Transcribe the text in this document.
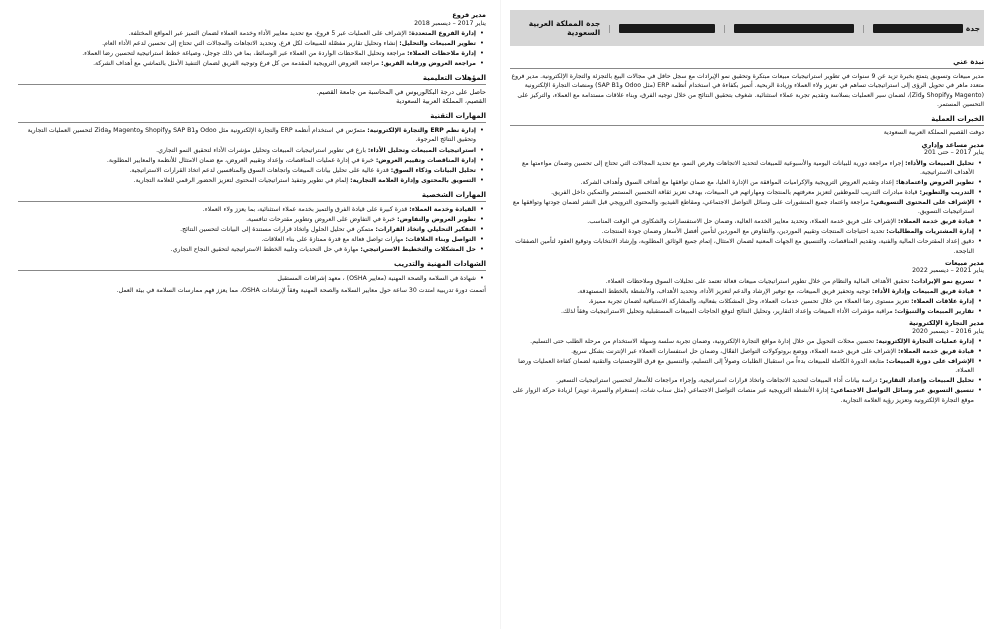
جدة
|
|
|
جدة المملكة العربية السعودية
نبذة عني

مدير مبيعات وتسويق يتمتع بخبرة تزيد عن 9 سنوات في تطوير استراتيجيات مبيعات مبتكرة وتحقيق نمو الإيرادات مع سجل حافل في مجالات البيع بالتجزئة والتجارة الإلكترونية. مدير فروع متعدد ماهر في تحويل الرؤى إلى استراتيجيات تساهم في تعزيز ولاء العملاء وزيادة الربحية. أتميز بكفاءة في استخدام أنظمة ERP (مثل Odoo وSAP B1) ومنصات التجارة الإلكترونية (Magento وShopify وZid)، لضمان سير العمليات بسلاسة وتقديم تجربة عملاء استثنائية. شغوف بتحقيق النتائج من خلال توجيه الفرق، وبناء علاقات مستدامة مع العملاء، والتركيز على التحسين المستمر.

الخبرات العملية

دوفت القصيم المملكة العربية السعودية

مدير مساعد وإداري

يناير 2017 – حتى 201

• تحليل المبيعات والأداء: إجراء مراجعة دورية للبيانات اليومية والأسبوعية للمبيعات لتحديد الاتجاهات وفرص النمو، مع تحديد المجالات التي تحتاج إلى تحسين وضمان مواءمتها مع الأهداف الاستراتيجية.
• تطوير العروض واعتمادها: إعداد وتقديم العروض الترويجية والإكراميات الموافقة من الإدارة العليا، مع ضمان توافقها مع أهداف السوق وأهداف الشركة.
• التدريب والتطوير: قيادة مبادرات التدريب للموظفين لتعزيز معرفتهم بالمنتجات ومهاراتهم في المبيعات، بهدف تعزيز ثقافة التحسين المستمر والتمكين داخل الفريق.
• الإشراف على المحتوى التسويقي: مراجعة واعتماد جميع المنشورات على وسائل التواصل الاجتماعي، ومقاطع الفيديو، والمحتوى الترويجي قبل النشر لضمان جودتها وتوافقها مع استراتيجيات التسويق.
• قيادة فريق خدمة العملاء: الإشراف على فريق خدمة العملاء، وتحديد معايير الخدمة العالية، وضمان حل الاستفسارات والشكاوى في الوقت المناسب.
• إدارة المشتريات والمطالبات: تحديد احتياجات المنتجات وتقييم الموردين، والتفاوض مع الموردين لتأمين أفضل الأسعار وضمان جودة المنتجات.
• دقيق إعداد المقترحات المالية والفنية، وتقديم المناقصات، والتنسيق مع الجهات المعنية لضمان الامتثال، إتمام جميع الوثائق المطلوبة، وإرشاد الانتخابات وتوقيع العقود لتأمين الصفقات الناجحة.

مدير مبيعات

يناير 2021 – ديسمبر 2022

• تسريع نمو الإيرادات: تحقيق الأهداف المالية والنظام من خلال تطوير استراتيجيات مبيعات فعالة تعتمد على تحليلات السوق وملاحظات العملاء.
• قيادة فريق المبيعات وإدارة الأداء: توجيه وتحفيز فريق المبيعات، مع توفير الإرشاد والدعم لتعزيز الأداء، وتحديد الأهداف، والأنشطة بالخطط المستهدفة.
• إدارة علاقات العملاء: تعزيز مستوى رضا العملاء من خلال تحسين خدمات العملاء، وحل المشكلات بفعالية، والمشاركة الاستباقية لضمان تجربة مميزة.
• تقارير المبيعات والتنبؤات: مراقبة مؤشرات الأداء المبيعات وإعداد التقارير، وتحليل النتائج لتوقع الحاجات المبيعات المستقبلية وتحليل الاستراتيجيات وفقاً لذلك.

مدير التجارة الإلكترونية

يناير 2016 – ديسمبر 2020

• إدارة عمليات التجارة الإلكترونية: تحسين محلات التحويل من خلال إدارة مواقع التجارة الإلكترونية، وضمان تجربة سلسة وسهلة الاستخدام من مرحلة الطلب حتى التسليم.
• قيادة فريق خدمة العملاء: الإشراف على فريق خدمة العملاء، ووضع بروتوكولات التواصل الفعّال، وضمان حل استفسارات العملاء عبر الإنترنت بشكل سريع.
• الإشراف على دورة المبيعات: متابعة الدورة الكاملة للمبيعات بدءاً من استقبال الطلبات وصولاً إلى التسليم، والتنسيق مع فرق اللوجستيات والتقنية لضمان كفاءة العمليات ورضا العملاء.
• تحليل المبيعات وإعداد التقارير: دراسة بيانات أداء المبيعات لتحديد الاتجاهات واتخاذ قرارات استراتيجية، وإجراء مراجعات للأسعار لتحسين استراتيجيات التسعير.
• تنسيق التسويق عبر وسائل التواصل الاجتماعي: إدارة الأنشطة الترويجية عبر منصات التواصل الاجتماعي (مثل سناب شات، إنستغرام والسيرة، تويتر) لزيادة حركة الزوار على موقع التجارة الإلكترونية وتعزيز رؤية العلامة التجارية.

مدير فروع

يناير 2017 – ديسمبر 2018

• إدارة الفروع المتعددة: الإشراف على العمليات عبر 5 فروع، مع تحديد معايير الأداء وخدمة العملاء لضمان التميز عبر المواقع المختلفة.
• تطوير المبيعات والتحليل: إنشاء وتحليل تقارير مفصّلة للمبيعات لكل فرع، وتحديد الاتجاهات والمجالات التي تحتاج إلى تحسين لدعم الأداء العام.
• إدارة ملاحظات العملاء: مراجعة وتحليل الملاحظات الواردة من العملاء عبر الوسائط، بما في ذلك جوجل، وصياغة خطط استراتيجية لتحسين رضا العملاء.
• مراجعة العروض ورقابة الفريق: مراجعة العروض الترويجية المقدمة من كل فرع وتوجيه الفريق لضمان التنفيذ الأمثل بالتماشي مع أهداف الشركة.
المؤهلات التعليمية

حاصل على درجة البكالوريوس في المحاسبة من جامعة القصيم.

القصيم، المملكة العربية السعودية

المهارات التقنية
• إدارة نظم ERP والتجارة الإلكترونية: متمرّس في استخدام أنظمة ERP والتجارة الإلكترونية مثل Odoo وSAP B1 وShopify وMagento وZida لتحسين العمليات التجارية وتحقيق النتائج المرجوة.
• استراتيجيات المبيعات وتحليل الأداء: بارع في تطوير استراتيجيات المبيعات وتحليل مؤشرات الأداء لتحقيق النمو التجاري.
• إدارة المناقصات وتقييم العروض: خبرة في إدارة عمليات المناقصات، وإعداد وتقييم العروض، مع ضمان الامتثال للأنظمة والمعايير المطلوبة.
• تحليل البيانات وذكاء السوق: قدرة عالية على تحليل بيانات المبيعات واتجاهات السوق والمنافسين لدعم اتخاذ القرارات الاستراتيجية.
• التسويق بالمحتوى وإدارة العلامة التجارية: إلمام في تطوير وتنفيذ استراتيجيات المحتوى لتعزيز الحضور الرقمي للعلامة التجارية.
المهارات الشخصية
• القيادة وخدمة العملاء: قدرة كبيرة على قيادة الفرق والتميز بخدمة عملاء استثنائية، بما يعزز ولاء العملاء.
• تطوير العروض والتفاوض: خبرة في التفاوض على العروض وتطوير مقترحات تنافسية.
• التفكير التحليلي واتخاذ القرارات: متمكن في تحليل الحلول واتخاذ قرارات مستندة إلى البيانات لتحسين النتائج.
• التواصل وبناء العلاقات: مهارات تواصل فعالة مع قدرة ممتازة على بناء العلاقات.
• حل المشكلات والتخطيط الاستراتيجي: مهارة في حل التحديات وتلبية الخطط الاستراتيجية لتحقيق النجاح التجاري.
الشهادات المهنية والتدريب
• شهادة في السلامة والصحة المهنية (معايير OSHA) ، معهد إشراقات المستقبل

أتممت دورة تدريبية امتدت 30 ساعة حول معايير السلامة والصحة المهنية وفقاً لإرشادات OSHA، مما يعزز فهم ممارسات السلامة في بيئة العمل.
